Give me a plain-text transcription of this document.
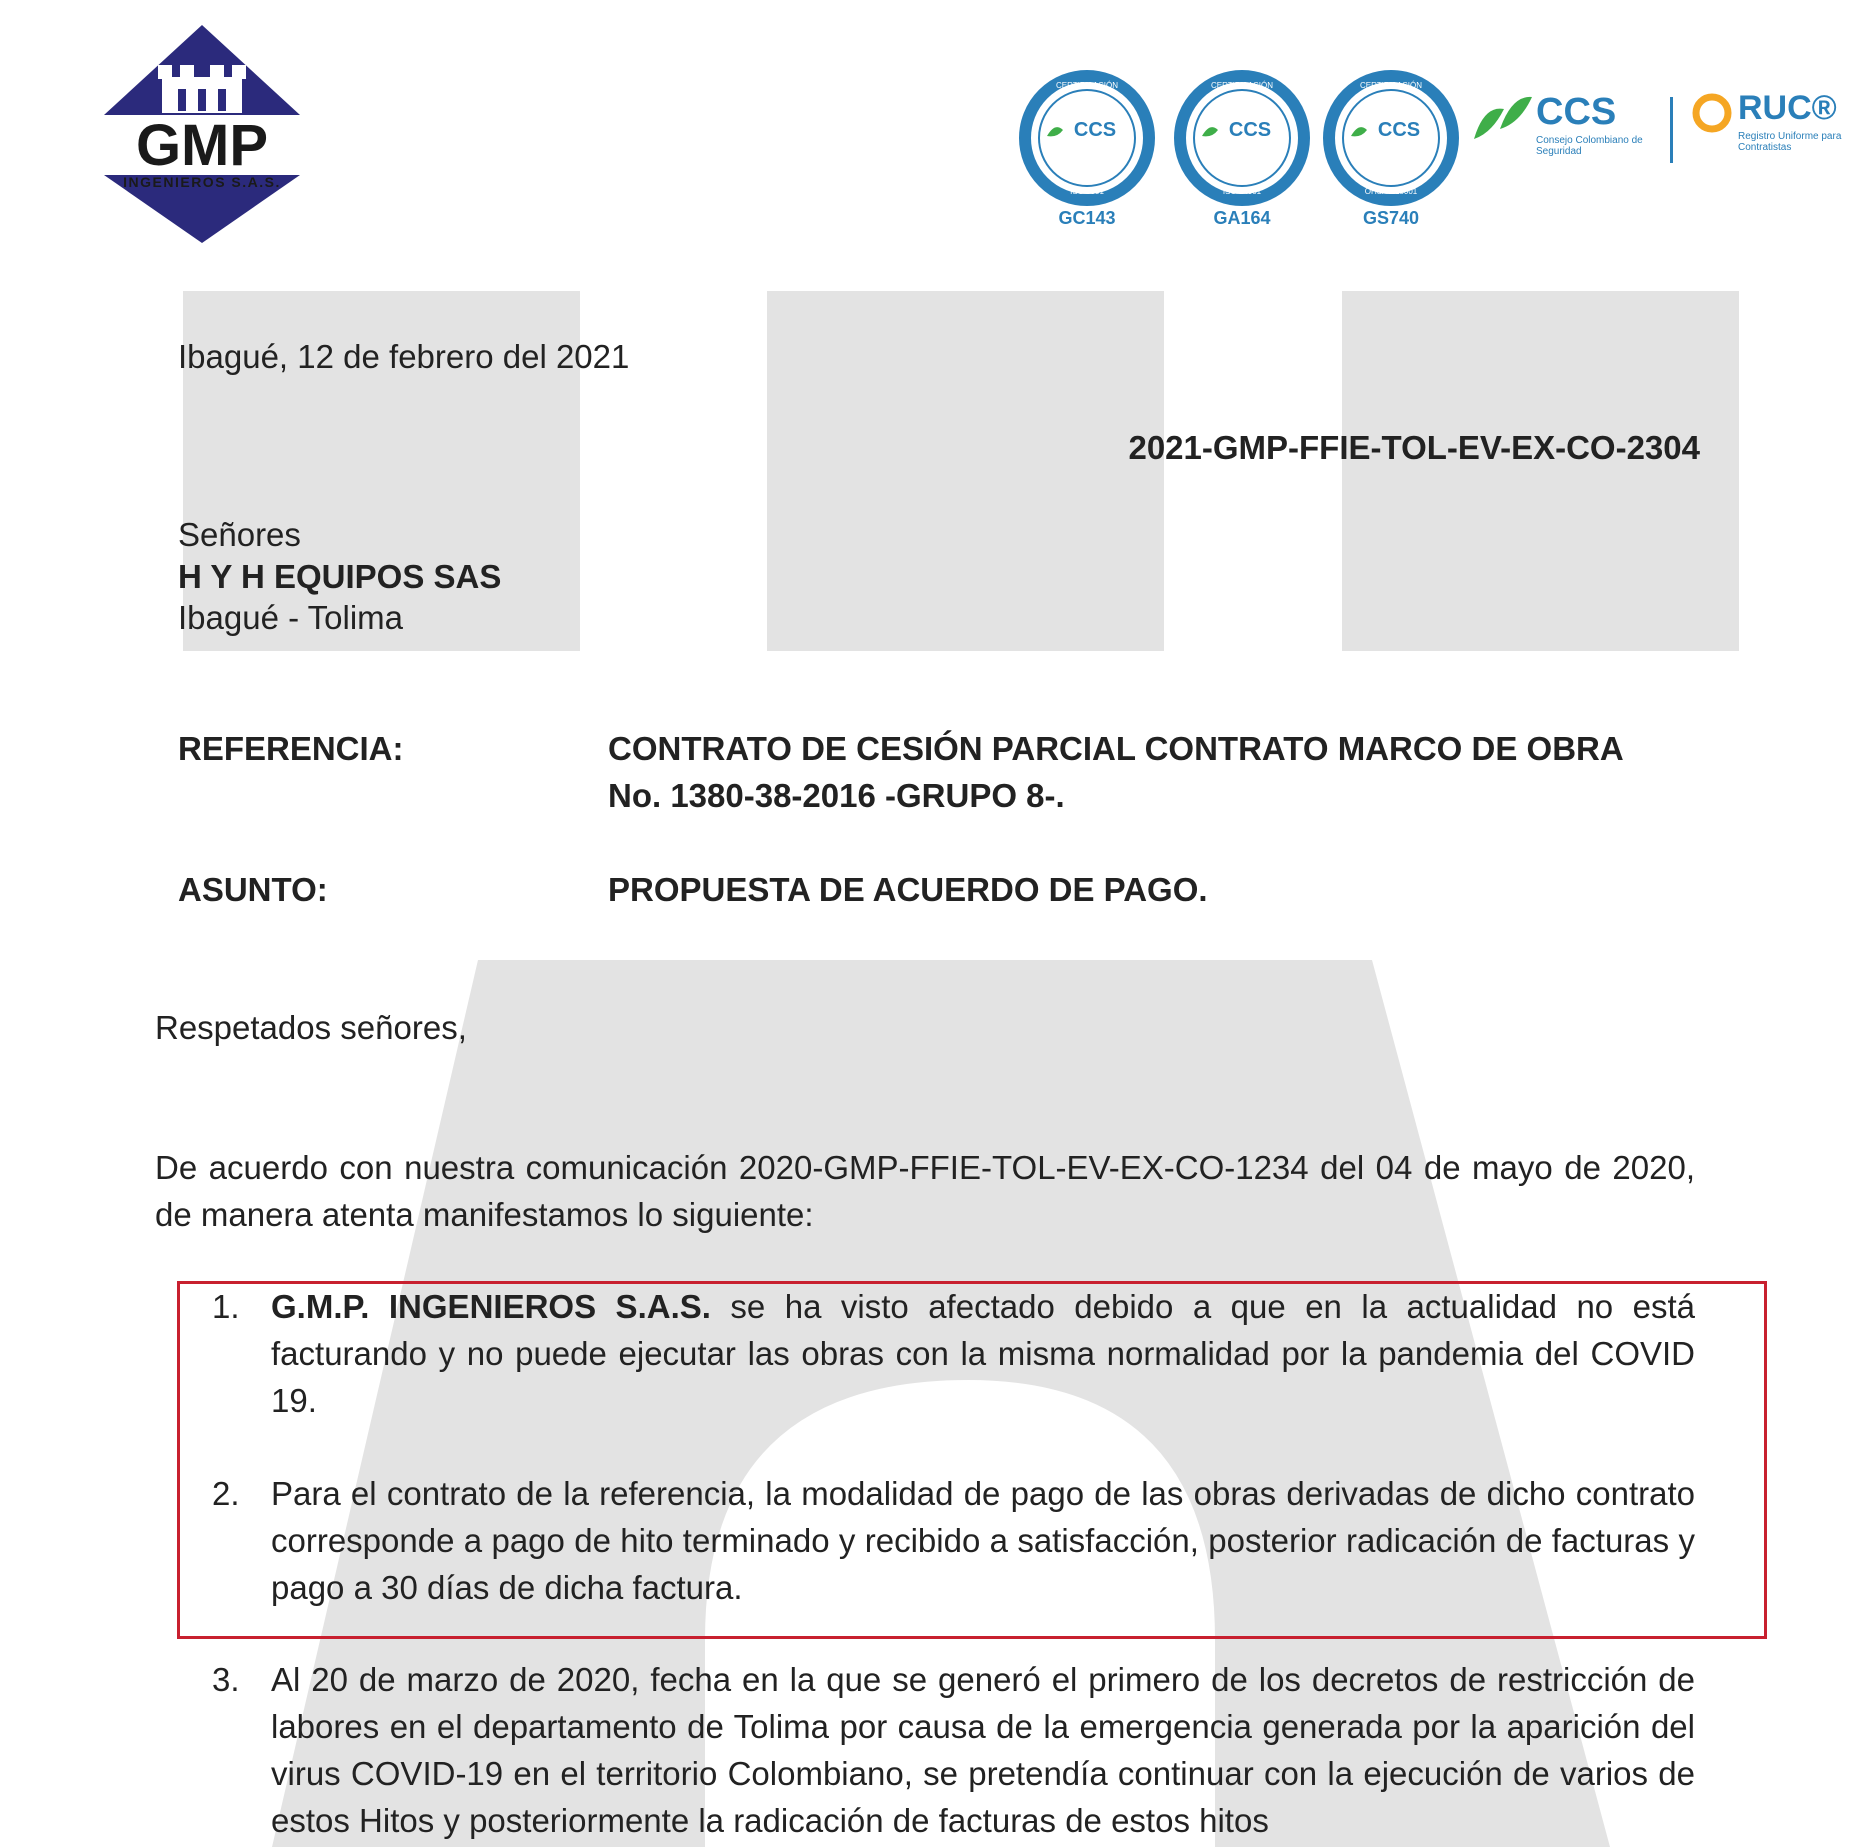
GMP
INGENIEROS S.A.S.
CERTIFICACIÓN
CCS
ISO 9001
GC143
CERTIFICACIÓN
CCS
ISO 14001
GA164
CERTIFICACIÓN
CCS
OHSAS 18001
GS740
CCS
Consejo Colombiano de Seguridad
RUC®
Registro Uniforme para Contratistas
Ibagué, 12 de febrero del 2021
2021-GMP-FFIE-TOL-EV-EX-CO-2304
Señores
H Y H EQUIPOS SAS
Ibagué - Tolima
REFERENCIA:	CONTRATO DE CESIÓN PARCIAL CONTRATO MARCO DE OBRA
No. 1380-38-2016 -GRUPO 8-.
ASUNTO:	PROPUESTA DE ACUERDO DE PAGO.
Respetados señores,
De acuerdo con nuestra comunicación 2020-GMP-FFIE-TOL-EV-EX-CO-1234 del 04 de mayo de 2020, de manera atenta manifestamos lo siguiente:
1. G.M.P. INGENIEROS S.A.S. se ha visto afectado debido a que en la actualidad no está facturando y no puede ejecutar las obras con la misma normalidad por la pandemia del COVID 19.
2. Para el contrato de la referencia, la modalidad de pago de las obras derivadas de dicho contrato corresponde a pago de hito terminado y recibido a satisfacción, posterior radicación de facturas y pago a 30 días de dicha factura.
3. Al 20 de marzo de 2020, fecha en la que se generó el primero de los decretos de restricción de labores en el departamento de Tolima por causa de la emergencia generada por la aparición del virus COVID-19 en el territorio Colombiano, se pretendía continuar con la ejecución de varios de estos Hitos y posteriormente la radicación de facturas de estos hitos
